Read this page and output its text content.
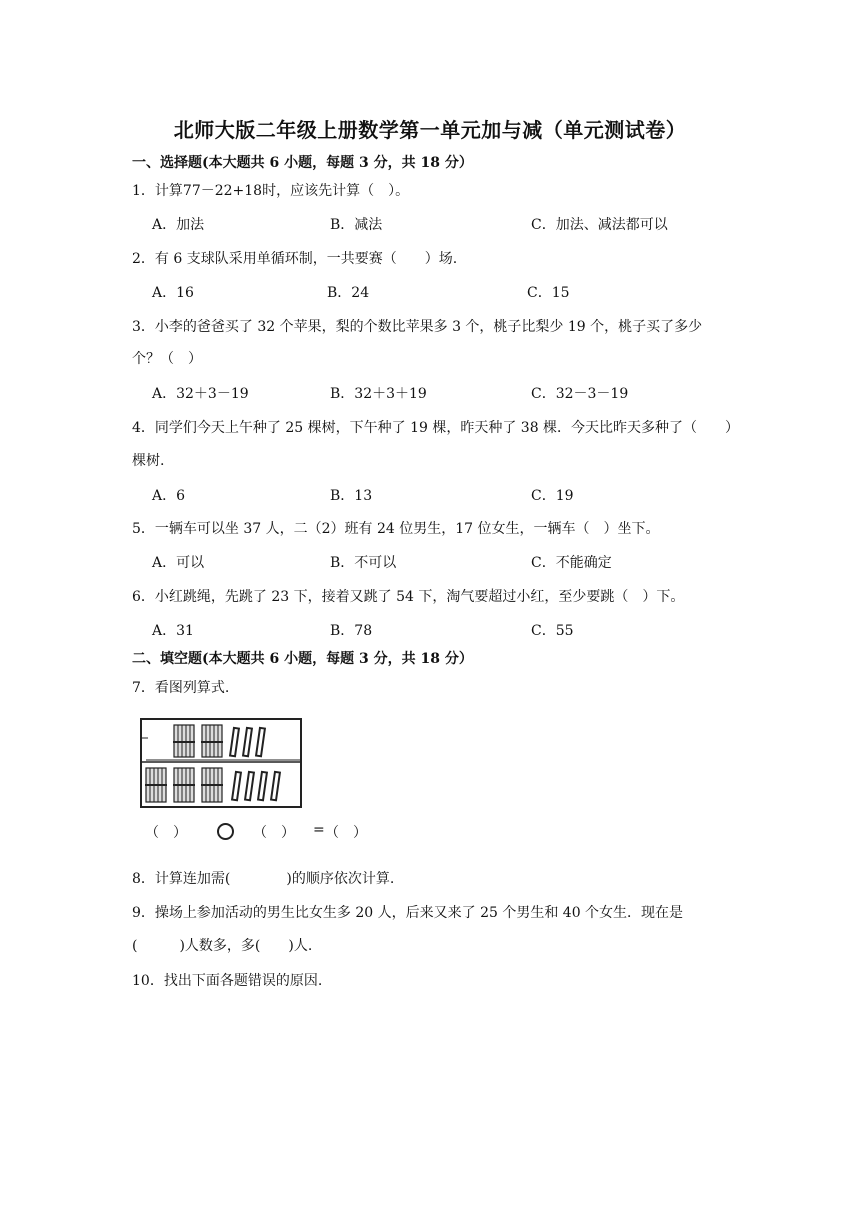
北师大版二年级上册数学第一单元加与减（单元测试卷）
一、选择题(本大题共 6 小题，每题 3 分，共 18 分）
1．计算77－22+18时，应该先计算（　）。
A．加法	B．减法	C．加法、减法都可以
2．有 6 支球队采用单循环制，一共要赛（　　）场.
A．16	B．24	C．15
3．小李的爸爸买了 32 个苹果，梨的个数比苹果多 3 个，桃子比梨少 19 个，桃子买了多少
个？（　）
A．32＋3－19	B．32＋3＋19	C．32－3－19
4．同学们今天上午种了 25 棵树，下午种了 19 棵，昨天种了 38 棵．今天比昨天多种了（　　）
棵树.
A．6	B．13	C．19
5．一辆车可以坐 37 人，二（2）班有 24 位男生，17 位女生，一辆车（　）坐下。
A．可以	B．不可以	C．不能确定
6．小红跳绳，先跳了 23 下，接着又跳了 54 下，淘气要超过小红，至少要跳（　）下。
A．31	B．78	C．55
二、填空题(本大题共 6 小题，每题 3 分，共 18 分）
7．看图列算式.
（　）	（　） = （　）
8．计算连加需(　　　　)的顺序依次计算.
9．操场上参加活动的男生比女生多 20 人，后来又来了 25 个男生和 40 个女生．现在是
(　　　)人数多，多(　　)人.
10．找出下面各题错误的原因.
